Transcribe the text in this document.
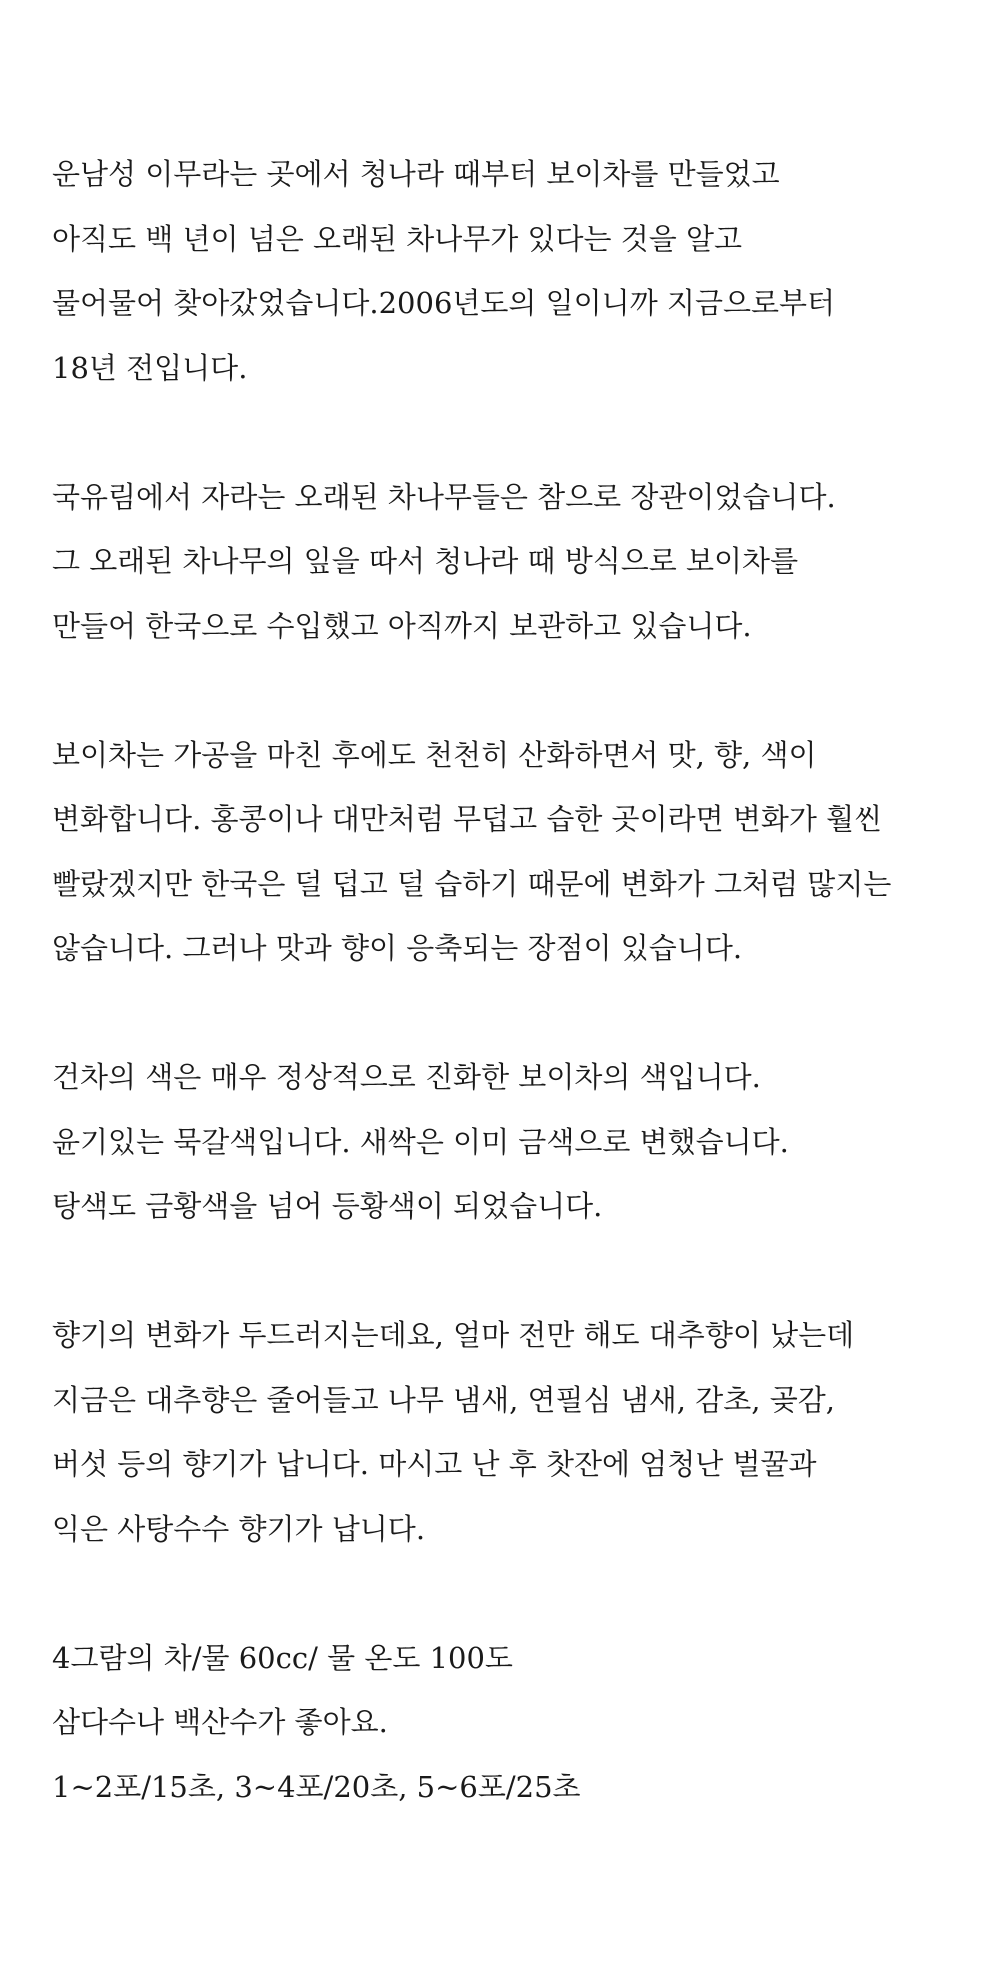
운남성 이무라는 곳에서 청나라 때부터 보이차를 만들었고
아직도 백 년이 넘은 오래된 차나무가 있다는 것을 알고
물어물어 찾아갔었습니다.2006년도의 일이니까 지금으로부터
18년 전입니다.
국유림에서 자라는 오래된 차나무들은 참으로 장관이었습니다.
그 오래된 차나무의 잎을 따서 청나라 때 방식으로 보이차를
만들어 한국으로 수입했고 아직까지 보관하고 있습니다.
보이차는 가공을 마친 후에도 천천히 산화하면서 맛, 향, 색이
변화합니다. 홍콩이나 대만처럼 무덥고 습한 곳이라면 변화가 훨씬
빨랐겠지만 한국은 덜 덥고 덜 습하기 때문에 변화가 그처럼 많지는
않습니다. 그러나 맛과 향이 응축되는 장점이 있습니다.
건차의 색은 매우 정상적으로 진화한 보이차의 색입니다.
윤기있는 묵갈색입니다. 새싹은 이미 금색으로 변했습니다.
탕색도 금황색을 넘어 등황색이 되었습니다.
향기의 변화가 두드러지는데요, 얼마 전만 해도 대추향이 났는데
지금은 대추향은 줄어들고 나무 냄새, 연필심 냄새, 감초, 곶감,
버섯 등의 향기가 납니다. 마시고 난 후 찻잔에 엄청난 벌꿀과
익은 사탕수수 향기가 납니다.
4그람의 차/물 60cc/ 물 온도 100도
삼다수나 백산수가 좋아요.
1~2포/15초, 3~4포/20초, 5~6포/25초
